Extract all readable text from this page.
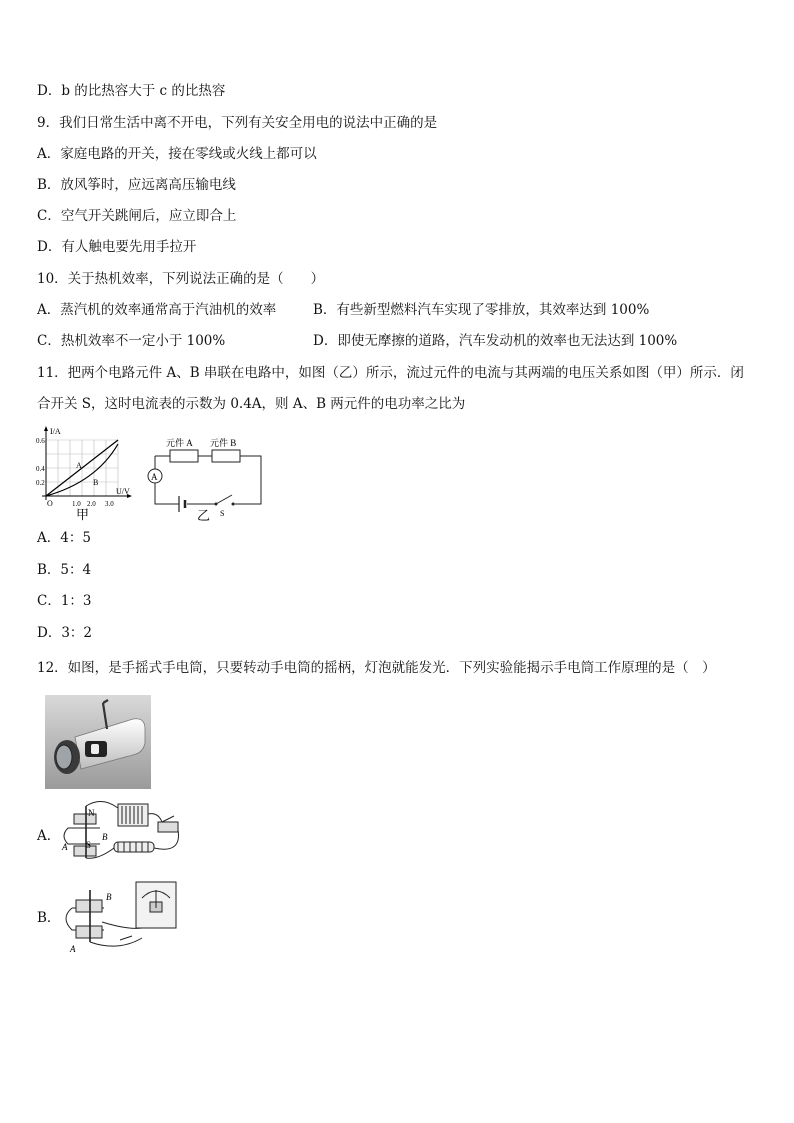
D．b 的比热容大于 c 的比热容
9．我们日常生活中离不开电，下列有关安全用电的说法中正确的是
A．家庭电路的开关，接在零线或火线上都可以
B．放风筝时，应远离高压输电线
C．空气开关跳闸后，应立即合上
D．有人触电要先用手拉开
10．关于热机效率，下列说法正确的是（　　）
A．蒸汽机的效率通常高于汽油机的效率	B．有些新型燃料汽车实现了零排放，其效率达到 100%
C．热机效率不一定小于 100%	D．即使无摩擦的道路，汽车发动机的效率也无法达到 100%
11．把两个电路元件 A、B 串联在电路中，如图（乙）所示，流过元件的电流与其两端的电压关系如图（甲）所示．闭
合开关 S，这时电流表的示数为 0.4A，则 A、B 两元件的电功率之比为
I/A
U/V
0.6
0.4
0.2
1.0 2.0 3.0
O
A
B
甲
元件 A 元件 B
A
S
乙
A．4：5
B．5：4
C．1：3
D．3：2
12．如图，是手摇式手电筒，只要转动手电筒的摇柄，灯泡就能发光．下列实验能揭示手电筒工作原理的是（　）
A．
N
S
A
B
B．
B
A
